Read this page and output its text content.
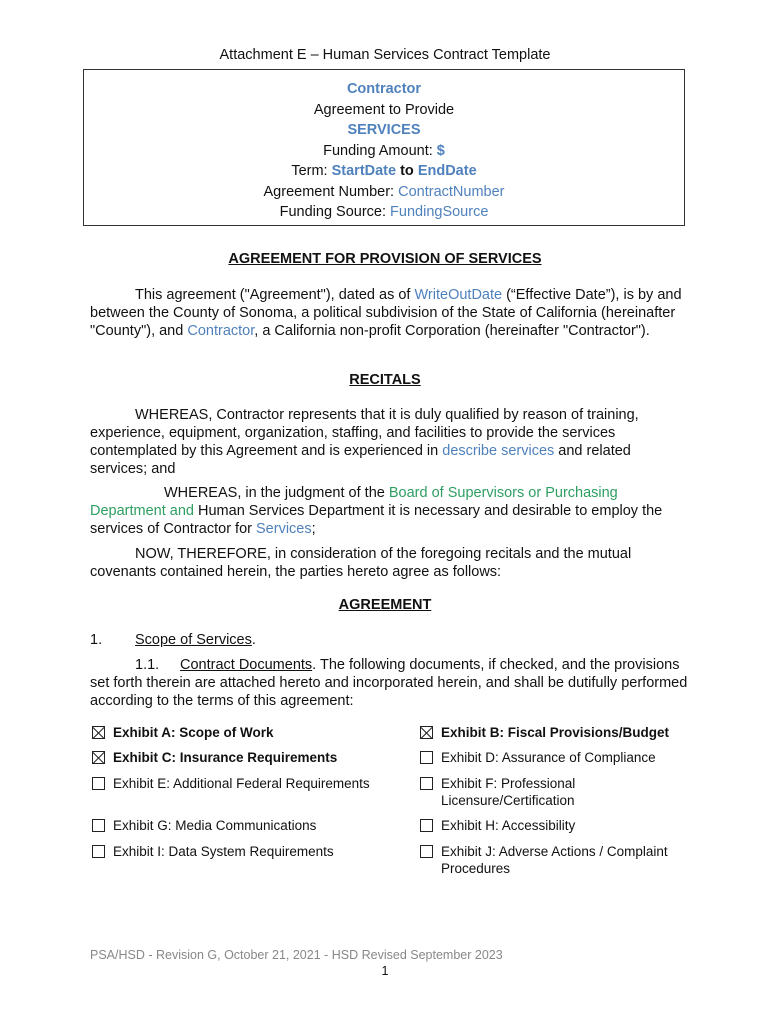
Attachment E – Human Services Contract Template
Contractor
Agreement to Provide
SERVICES
Funding Amount: $
Term: StartDate to EndDate
Agreement Number: ContractNumber
Funding Source: FundingSource
AGREEMENT FOR PROVISION OF SERVICES
This agreement ("Agreement"), dated as of WriteOutDate (“Effective Date”), is by and between the County of Sonoma, a political subdivision of the State of California (hereinafter "County"), and Contractor, a California non-profit Corporation (hereinafter "Contractor").
RECITALS
WHEREAS, Contractor represents that it is duly qualified by reason of training, experience, equipment, organization, staffing, and facilities to provide the services contemplated by this Agreement and is experienced in describe services and related services; and
WHEREAS, in the judgment of the Board of Supervisors or Purchasing Department and Human Services Department it is necessary and desirable to employ the services of Contractor for Services;
NOW, THEREFORE, in consideration of the foregoing recitals and the mutual covenants contained herein, the parties hereto agree as follows:
AGREEMENT
1. Scope of Services.
1.1. Contract Documents. The following documents, if checked, and the provisions set forth therein are attached hereto and incorporated herein, and shall be dutifully performed according to the terms of this agreement:
Exhibit A: Scope of Work	Exhibit B: Fiscal Provisions/Budget
Exhibit C: Insurance Requirements	Exhibit D: Assurance of Compliance
Exhibit E: Additional Federal Requirements	Exhibit F: Professional
Licensure/Certification
Exhibit G: Media Communications	Exhibit H: Accessibility
Exhibit I: Data System Requirements	Exhibit J: Adverse Actions / Complaint
Procedures
PSA/HSD - Revision G, October 21, 2021 - HSD Revised September 2023
1
